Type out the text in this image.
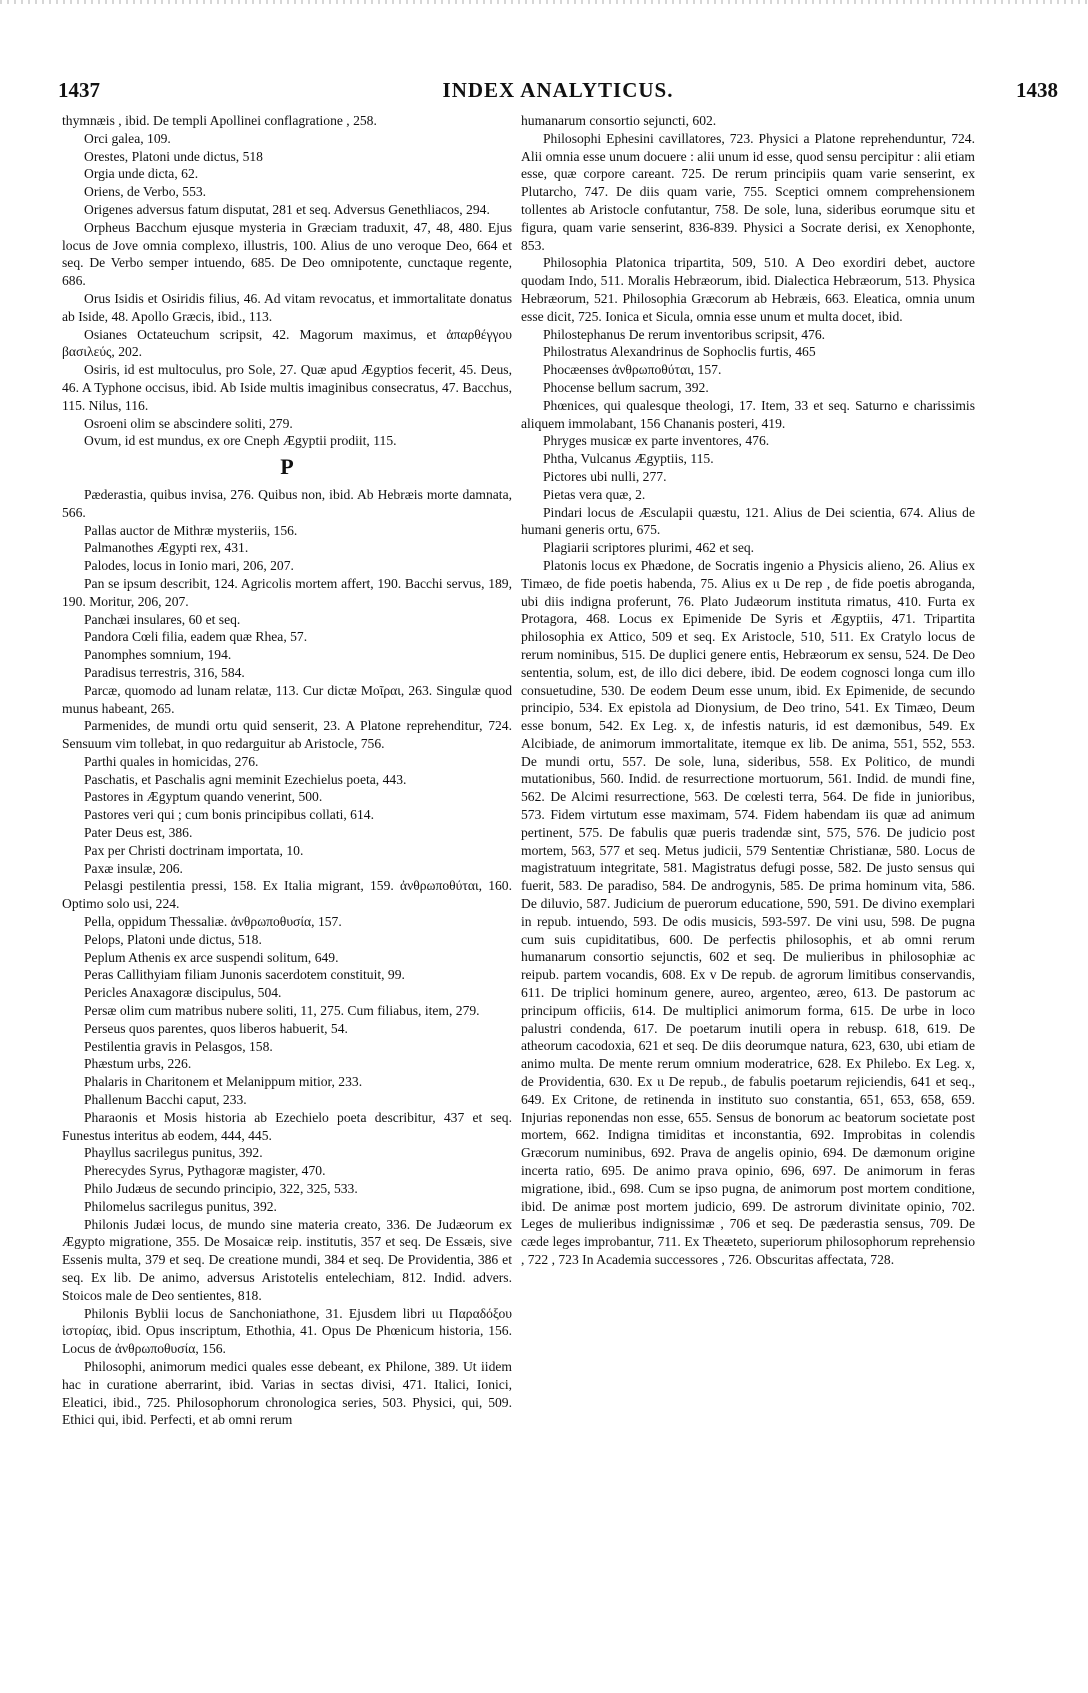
1437	INDEX ANALYTICUS.	1438

thymnæis , ibid. De templi Apollinei conflagratione , 258.

Orci galea, 109.

Orestes, Platoni unde dictus, 518

Orgia unde dicta, 62.

Oriens, de Verbo, 553.

Origenes adversus fatum disputat, 281 et seq. Adversus Genethliacos, 294.

Orpheus Bacchum ejusque mysteria in Græciam traduxit, 47, 48, 480. Ejus locus de Jove omnia complexo, illustris, 100. Alius de uno veroque Deo, 664 et seq. De Verbo semper intuendo, 685. De Deo omnipotente, cunctaque regente, 686.

Orus Isidis et Osiridis filius, 46. Ad vitam revocatus, et immortalitate donatus ab Iside, 48. Apollo Græcis, ibid., 113.

Osianes Octateuchum scripsit, 42. Magorum maximus, et ἀπαρθέγγου βασιλεύς, 202.

Osiris, id est multoculus, pro Sole, 27. Quæ apud Ægyptios fecerit, 45. Deus, 46. A Typhone occisus, ibid. Ab Iside multis imaginibus consecratus, 47. Bacchus, 115. Nilus, 116.

Osroeni olim se abscindere soliti, 279.

Ovum, id est mundus, ex ore Cneph Ægyptii prodiit, 115.

P

Pæderastia, quibus invisa, 276. Quibus non, ibid. Ab Hebræis morte damnata, 566.

Pallas auctor de Mithræ mysteriis, 156.

Palmanothes Ægypti rex, 431.

Palodes, locus in Ionio mari, 206, 207.

Pan se ipsum describit, 124. Agricolis mortem affert, 190. Bacchi servus, 189, 190. Moritur, 206, 207.

Panchæi insulares, 60 et seq.

Pandora Cœli filia, eadem quæ Rhea, 57.

Panomphes somnium, 194.

Paradisus terrestris, 316, 584.

Parcæ, quomodo ad lunam relatæ, 113. Cur dictæ Μοῖραι, 263. Singulæ quod munus habeant, 265.

Parmenides, de mundi ortu quid senserit, 23. A Platone reprehenditur, 724. Sensuum vim tollebat, in quo redarguitur ab Aristocle, 756.

Parthi quales in homicidas, 276.

Paschatis, et Paschalis agni meminit Ezechielus poeta, 443.

Pastores in Ægyptum quando venerint, 500.

Pastores veri qui ; cum bonis principibus collati, 614.

Pater Deus est, 386.

Pax per Christi doctrinam importata, 10.

Paxæ insulæ, 206.

Pelasgi pestilentia pressi, 158. Ex Italia migrant, 159. ἀνθρωποθύται, 160. Optimo solo usi, 224.

Pella, oppidum Thessaliæ. ἀνθρωποθυσία, 157.

Pelops, Platoni unde dictus, 518.

Peplum Athenis ex arce suspendi solitum, 649.

Peras Callithyiam filiam Junonis sacerdotem constituit, 99.

Pericles Anaxagoræ discipulus, 504.

Persæ olim cum matribus nubere soliti, 11, 275. Cum filiabus, item, 279.

Perseus quos parentes, quos liberos habuerit, 54.

Pestilentia gravis in Pelasgos, 158.

Phæstum urbs, 226.

Phalaris in Charitonem et Melanippum mitior, 233.

Phallenum Bacchi caput, 233.

Pharaonis et Mosis historia ab Ezechielo poeta describitur, 437 et seq. Funestus interitus ab eodem, 444, 445.

Phayllus sacrilegus punitus, 392.

Pherecydes Syrus, Pythagoræ magister, 470.

Philo Judæus de secundo principio, 322, 325, 533.

Philomelus sacrilegus punitus, 392.

Philonis Judæi locus, de mundo sine materia creato, 336. De Judæorum ex Ægypto migratione, 355. De Mosaicæ reip. institutis, 357 et seq. De Essæis, sive Essenis multa, 379 et seq. De creatione mundi, 384 et seq. De Providentia, 386 et seq. Ex lib. De animo, adversus Aristotelis entelechiam, 812. Indid. advers. Stoicos male de Deo sentientes, 818.

Philonis Byblii locus de Sanchoniathone, 31. Ejusdem libri ιιι Παραδόξου ἱστορίας, ibid. Opus inscriptum, Ethothia, 41. Opus De Phœnicum historia, 156. Locus de ἀνθρωποθυσία, 156.

Philosophi, animorum medici quales esse debeant, ex Philone, 389. Ut iidem hac in curatione aberrarint, ibid. Varias in sectas divisi, 471. Italici, Ionici, Eleatici, ibid., 725. Philosophorum chronologica series, 503. Physici, qui, 509. Ethici qui, ibid. Perfecti, et ab omni rerum

humanarum consortio sejuncti, 602.

Philosophi Ephesini cavillatores, 723. Physici a Platone reprehenduntur, 724. Alii omnia esse unum docuere : alii unum id esse, quod sensu percipitur : alii etiam esse, quæ corpore careant. 725. De rerum principiis quam varie senserint, ex Plutarcho, 747. De diis quam varie, 755. Sceptici omnem comprehensionem tollentes ab Aristocle confutantur, 758. De sole, luna, sideribus eorumque situ et figura, quam varie senserint, 836-839. Physici a Socrate derisi, ex Xenophonte, 853.

Philosophia Platonica tripartita, 509, 510. A Deo exordiri debet, auctore quodam Indo, 511. Moralis Hebræorum, ibid. Dialectica Hebræorum, 513. Physica Hebræorum, 521. Philosophia Græcorum ab Hebræis, 663. Eleatica, omnia unum esse dicit, 725. Ionica et Sicula, omnia esse unum et multa docet, ibid.

Philostephanus De rerum inventoribus scripsit, 476.

Philostratus Alexandrinus de Sophoclis furtis, 465

Phocæenses ἀνθρωποθύται, 157.

Phocense bellum sacrum, 392.

Phœnices, qui qualesque theologi, 17. Item, 33 et seq. Saturno e charissimis aliquem immolabant, 156 Chananis posteri, 419.

Phryges musicæ ex parte inventores, 476.

Phtha, Vulcanus Ægyptiis, 115.

Pictores ubi nulli, 277.

Pietas vera quæ, 2.

Pindari locus de Æsculapii quæstu, 121. Alius de Dei scientia, 674. Alius de humani generis ortu, 675.

Plagiarii scriptores plurimi, 462 et seq.

Platonis locus ex Phædone, de Socratis ingenio a Physicis alieno, 26. Alius ex Timæo, de fide poetis habenda, 75. Alius ex ιι De rep , de fide poetis abroganda, ubi diis indigna proferunt, 76. Plato Judæorum instituta rimatus, 410. Furta ex Protagora, 468. Locus ex Epimenide De Syris et Ægyptiis, 471. Tripartita philosophia ex Attico, 509 et seq. Ex Aristocle, 510, 511. Ex Cratylo locus de rerum nominibus, 515. De duplici genere entis, Hebræorum ex sensu, 524. De Deo sententia, solum, est, de illo dici debere, ibid. De eodem cognosci longa cum illo consuetudine, 530. De eodem Deum esse unum, ibid. Ex Epimenide, de secundo principio, 534. Ex epistola ad Dionysium, de Deo trino, 541. Ex Timæo, Deum esse bonum, 542. Ex Leg. x, de infestis naturis, id est dæmonibus, 549. Ex Alcibiade, de animorum immortalitate, itemque ex lib. De anima, 551, 552, 553. De mundi ortu, 557. De sole, luna, sideribus, 558. Ex Politico, de mundi mutationibus, 560. Indid. de resurrectione mortuorum, 561. Indid. de mundi fine, 562. De Alcimi resurrectione, 563. De cœlesti terra, 564. De fide in junioribus, 573. Fidem virtutum esse maximam, 574. Fidem habendam iis quæ ad animum pertinent, 575. De fabulis quæ pueris tradendæ sint, 575, 576. De judicio post mortem, 563, 577 et seq. Metus judicii, 579 Sententiæ Christianæ, 580. Locus de magistratuum integritate, 581. Magistratus defugi posse, 582. De justo sensus qui fuerit, 583. De paradiso, 584. De androgynis, 585. De prima hominum vita, 586. De diluvio, 587. Judicium de puerorum educatione, 590, 591. De divino exemplari in repub. intuendo, 593. De odis musicis, 593-597. De vini usu, 598. De pugna cum suis cupiditatibus, 600. De perfectis philosophis, et ab omni rerum humanarum consortio sejunctis, 602 et seq. De mulieribus in philosophiæ ac reipub. partem vocandis, 608. Ex v De repub. de agrorum limitibus conservandis, 611. De triplici hominum genere, aureo, argenteo, æreo, 613. De pastorum ac principum officiis, 614. De multiplici animorum forma, 615. De urbe in loco palustri condenda, 617. De poetarum inutili opera in rebusp. 618, 619. De atheorum cacodoxia, 621 et seq. De diis deorumque natura, 623, 630, ubi etiam de animo multa. De mente rerum omnium moderatrice, 628. Ex Philebo. Ex Leg. x, de Providentia, 630. Ex ιι De repub., de fabulis poetarum rejiciendis, 641 et seq., 649. Ex Critone, de retinenda in instituto suo constantia, 651, 653, 658, 659. Injurias reponendas non esse, 655. Sensus de bonorum ac beatorum societate post mortem, 662. Indignа timiditas et inconstantia, 692. Improbitas in colendis Græcorum numinibus, 692. Prava de angelis opinio, 694. De dæmonum origine incerta ratio, 695. De animo prava opinio, 696, 697. De animorum in feras migratione, ibid., 698. Cum se ipso pugna, de animorum post mortem conditione, ibid. De animæ post mortem judicio, 699. De astrorum divinitate opinio, 702. Leges de mulieribus indignissimæ , 706 et seq. De pæderastia sensus, 709. De cæde leges improbantur, 711. Ex Theæteto, superiorum philosophorum reprehensio , 722 , 723 In Academia successores , 726. Obscuritas affectata, 728.
